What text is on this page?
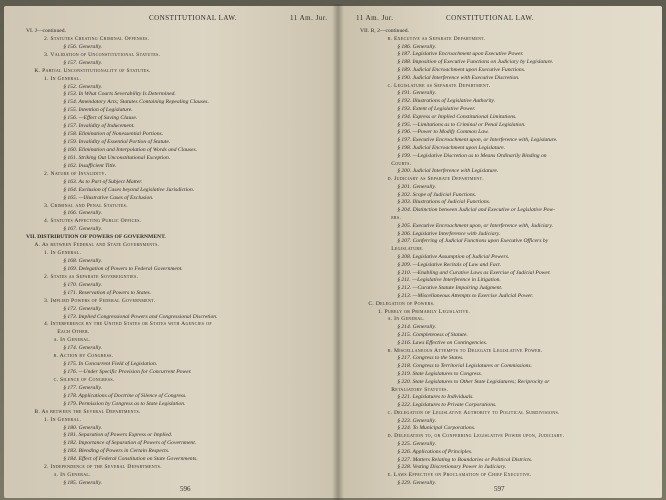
CONSTITUTIONAL LAW.	11 Am. Jur.
VI. J—continued.
2. Statutes Creating Criminal Offenses.
§ 156. Generally.
3. Validation of Unconstitutional Statutes.
§ 157. Generally.
K. Partial Unconstitutionality of Statutes.
1. In General.
§ 152. Generally.
§ 153. In What Courts Severability Is Determined.
§ 154. Amendatory Acts; Statutes Containing Repealing Clauses.
§ 155. Intention of Legislature.
§ 156. —Effect of Saving Clause.
§ 157. Invalidity of Inducement.
§ 158. Elimination of Nonessential Portions.
§ 159. Invalidity of Essential Portion of Statute.
§ 160. Elimination and Interpolation of Words and Clauses.
§ 161. Striking Out Unconstitutional Exception.
§ 162. Insufficient Title.
2. Nature of Invalidity.
§ 163. As to Part of Subject Matter.
§ 164. Exclusion of Cases beyond Legislative Jurisdiction.
§ 165. —Illustrative Cases of Exclusion.
3. Criminal and Penal Statutes.
§ 166. Generally.
4. Statutes Affecting Public Offices.
§ 167. Generally.
VII. DISTRIBUTION OF POWERS OF GOVERNMENT.
A. As between Federal and State Governments.
1. In General.
§ 168. Generally.
§ 169. Delegation of Powers to Federal Government.
2. States as Separate Sovereignties.
§ 170. Generally.
§ 171. Reservation of Powers to States.
3. Implied Powers of Federal Government.
§ 172. Generally.
§ 173. Implied Congressional Powers and Congressional Discretion.
4. Interference by the United States or States with Agencies of
Each Other.
a. In General.
§ 174. Generally.
b. Action by Congress.
§ 175. In Concurrent Field of Legislation.
§ 176. —Under Specific Provision for Concurrent Power.
c. Silence of Congress.
§ 177. Generally.
§ 178. Applications of Doctrine of Silence of Congress.
§ 179. Permission by Congress as to State Legislation.
B. As between the Several Departments.
1. In General.
§ 180. Generally.
§ 181. Separation of Powers Express or Implied.
§ 182. Importance of Separation of Powers of Government.
§ 183. Blending of Powers in Certain Respects.
§ 184. Effect of Federal Constitution on State Governments.
2. Independence of the Several Departments.
a. In General.
§ 185. Generally.
596
11 Am. Jur.	CONSTITUTIONAL LAW.
VII. B, 2—continued.
b. Executive as Separate Department.
§ 186. Generally.
§ 187. Legislative Encroachment upon Executive Power.
§ 188. Imposition of Executive Functions on Judiciary by Legislature.
§ 189. Judicial Encroachment upon Executive Functions.
§ 190. Judicial Interference with Executive Discretion.
c. Legislature as Separate Department.
§ 191. Generally.
§ 192. Illustrations of Legislative Authority.
§ 193. Extent of Legislative Power.
§ 194. Express or Implied Constitutional Limitations.
§ 195. —Limitations as to Criminal or Penal Legislation.
§ 196. —Power to Modify Common Law.
§ 197. Executive Encroachment upon, or Interference with, Legislature.
§ 198. Judicial Encroachment upon Legislature.
§ 199. —Legislative Discretion as to Means Ordinarily Binding on
Courts.
§ 200. Judicial Interference with Legislature.
d. Judiciary as Separate Department.
§ 201. Generally.
§ 202. Scope of Judicial Functions.
§ 203. Illustrations of Judicial Functions.
§ 204. Distinction between Judicial and Executive or Legislative Pow-
ers.
§ 205. Executive Encroachment upon, or Interference with, Judiciary.
§ 206. Legislative Interference with Judiciary.
§ 207. Conferring of Judicial Functions upon Executive Officers by
Legislature.
§ 208. Legislative Assumption of Judicial Powers.
§ 209. —Legislative Recitals of Law and Fact.
§ 210. —Enabling and Curative Laws as Exercise of Judicial Power.
§ 211. —Legislative Interference in Litigation.
§ 212. —Curative Statute Impairing Judgment.
§ 213. —Miscellaneous Attempts to Exercise Judicial Power.
C. Delegation of Powers.
1. Purely or Primarily Legislative.
a. In General.
§ 214. Generally.
§ 215. Completeness of Statute.
§ 216. Laws Effective on Contingencies.
b. Miscellaneous Attempts to Delegate Legislative Power.
§ 217. Congress to the States.
§ 218. Congress to Territorial Legislatures or Commissions.
§ 219. State Legislatures to Congress.
§ 220. State Legislatures to Other State Legislatures; Reciprocity or
Retaliatory Statutes.
§ 221. Legislatures to Individuals.
§ 222. Legislatures to Private Corporations.
c. Delegation of Legislative Authority to Political Subdivisions.
§ 223. Generally.
§ 224. To Municipal Corporations.
d. Delegation to, or Conferring Legislative Power upon, Judiciary.
§ 225. Generally.
§ 226. Applications of Principles.
§ 227. Matters Relating to Boundaries or Political Districts.
§ 228. Vesting Discretionary Power in Judiciary.
e. Laws Effective on Proclamation of Chief Executive.
§ 229. Generally.
597
